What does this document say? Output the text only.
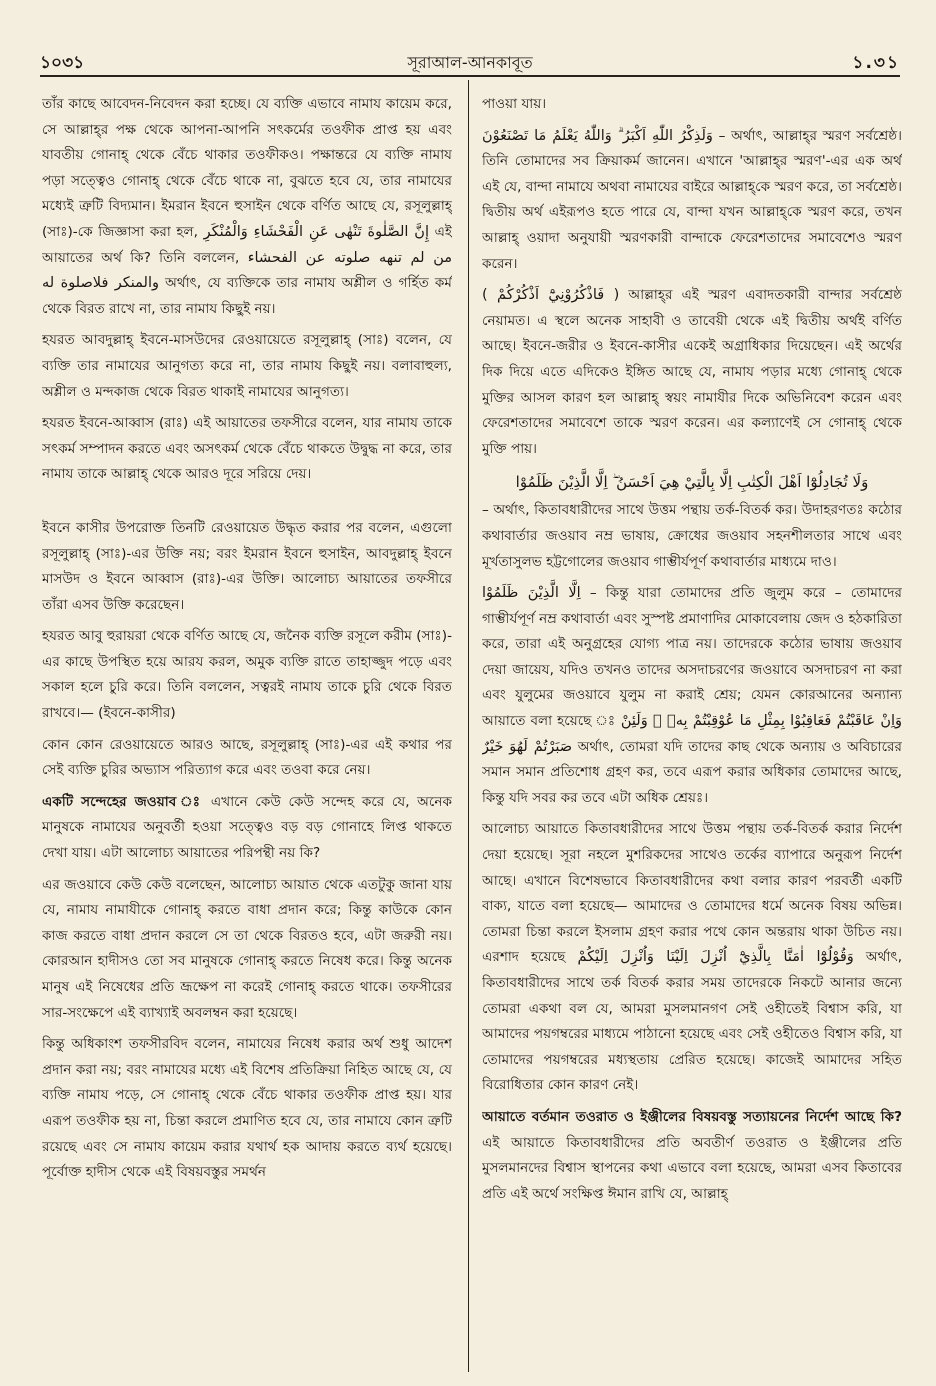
১০৩১	সূরাআল-আনকাবূত	১.৩১

তাঁর কাছে আবেদন-নিবেদন করা হচ্ছে। যে ব্যক্তি এভাবে নামায কায়েম করে, সে আল্লাহ্‌র পক্ষ থেকে আপনা-আপনি সৎকর্মের তওফীক প্রাপ্ত হয় এবং যাবতীয় গোনাহ্ থেকে বেঁচে থাকার তওফীকও। পক্ষান্তরে যে ব্যক্তি নামায পড়া সত্ত্বেও গোনাহ্ থেকে বেঁচে থাকে না, বুঝতে হবে যে, তার নামাযের মধ্যেই ত্রুটি বিদ্যমান। ইমরান ইবনে হুসাইন থেকে বর্ণিত আছে যে, রসূলুল্লাহ্ (সাঃ)-কে জিজ্ঞাসা করা হল, إِنَّ الصَّلٰوةَ تَنْهٰى عَنِ الْفَحْشَاءِ وَالْمُنْكَرِ এই আয়াতের অর্থ কি? তিনি বললেন, من لم تنهه صلوته عن الفحشاء والمنكر فلاصلوة له অর্থাৎ, যে ব্যক্তিকে তার নামায অশ্লীল ও গর্হিত কর্ম থেকে বিরত রাখে না, তার নামায কিছুই নয়।

হযরত আবদুল্লাহ্ ইবনে-মাসউদের রেওয়ায়েতে রসূলুল্লাহ্ (সাঃ) বলেন, যে ব্যক্তি তার নামাযের আনুগত্য করে না, তার নামায কিছুই নয়। বলাবাহুল্য, অশ্লীল ও মন্দকাজ থেকে বিরত থাকাই নামাযের আনুগত্য।

হযরত ইবনে-আব্বাস (রাঃ) এই আয়াতের তফসীরে বলেন, যার নামায তাকে সৎকর্ম সম্পাদন করতে এবং অসৎকর্ম থেকে বেঁচে থাকতে উদ্বুদ্ধ না করে, তার নামায তাকে আল্লাহ্ থেকে আরও দূরে সরিয়ে দেয়।

ইবনে কাসীর উপরোক্ত তিনটি রেওয়ায়েত উদ্ধৃত করার পর বলেন, এগুলো রসূলুল্লাহ্ (সাঃ)-এর উক্তি নয়; বরং ইমরান ইবনে হুসাইন, আবদুল্লাহ্ ইবনে মাসউদ ও ইবনে আব্বাস (রাঃ)-এর উক্তি। আলোচ্য আয়াতের তফসীরে তাঁরা এসব উক্তি করেছেন।

হযরত আবু হুরায়রা থেকে বর্ণিত আছে যে, জনৈক ব্যক্তি রসূলে করীম (সাঃ)-এর কাছে উপস্থিত হয়ে আরয করল, অমুক ব্যক্তি রাতে তাহাজ্জুদ পড়ে এবং সকাল হলে চুরি করে। তিনি বললেন, সত্বরই নামায তাকে চুরি থেকে বিরত রাখবে।— (ইবনে-কাসীর)

কোন কোন রেওয়ায়েতে আরও আছে, রসূলুল্লাহ্ (সাঃ)-এর এই কথার পর সেই ব্যক্তি চুরির অভ্যাস পরিত্যাগ করে এবং তওবা করে নেয়।

একটি সন্দেহের জওয়াব ঃ এখানে কেউ কেউ সন্দেহ করে যে, অনেক মানুষকে নামাযের অনুবর্তী হওয়া সত্ত্বেও বড় বড় গোনাহে লিপ্ত থাকতে দেখা যায়। এটা আলোচ্য আয়াতের পরিপন্থী নয় কি?

এর জওয়াবে কেউ কেউ বলেছেন, আলোচ্য আয়াত থেকে এতটুকু জানা যায় যে, নামায নামাযীকে গোনাহ্ করতে বাধা প্রদান করে; কিন্তু কাউকে কোন কাজ করতে বাধা প্রদান করলে সে তা থেকে বিরতও হবে, এটা জরুরী নয়। কোরআন হাদীসও তো সব মানুষকে গোনাহ্ করতে নিষেধ করে। কিন্তু অনেক মানুষ এই নিষেধের প্রতি ভ্রূক্ষেপ না করেই গোনাহ্ করতে থাকে। তফসীরের সার-সংক্ষেপে এই ব্যাখ্যাই অবলম্বন করা হয়েছে।

কিন্তু অধিকাংশ তফসীরবিদ বলেন, নামাযের নিষেধ করার অর্থ শুধু আদেশ প্রদান করা নয়; বরং নামাযের মধ্যে এই বিশেষ প্রতিক্রিয়া নিহিত আছে যে, যে ব্যক্তি নামায পড়ে, সে গোনাহ্ থেকে বেঁচে থাকার তওফীক প্রাপ্ত হয়। যার এরূপ তওফীক হয় না, চিন্তা করলে প্রমাণিত হবে যে, তার নামাযে কোন ত্রুটি রয়েছে এবং সে নামায কায়েম করার যথার্থ হক আদায় করতে ব্যর্থ হয়েছে। পূর্বোক্ত হাদীস থেকে এই বিষয়বস্তুর সমর্থন

পাওয়া যায়।

وَلَذِكْرُ اللّٰهِ اَكْبَرُ ۗ وَاللّٰهُ يَعْلَمُ مَا تَصْنَعُوْنَ – অর্থাৎ, আল্লাহ্‌র স্মরণ সর্বশ্রেষ্ঠ। তিনি তোমাদের সব ক্রিয়াকর্ম জানেন। এখানে 'আল্লাহ্‌র স্মরণ'-এর এক অর্থ এই যে, বান্দা নামাযে অথবা নামাযের বাইরে আল্লাহ্‌কে স্মরণ করে, তা সর্বশ্রেষ্ঠ। দ্বিতীয় অর্থ এইরূপও হতে পারে যে, বান্দা যখন আল্লাহ্‌কে স্মরণ করে, তখন আল্লাহ্ ওয়াদা অনুযায়ী স্মরণকারী বান্দাকে ফেরেশতাদের সমাবেশেও স্মরণ করেন।

( فَاذْكُرُوْنِيْٓ اَذْكُرْكُمْ ) আল্লাহ্‌র এই স্মরণ এবাদতকারী বান্দার সর্বশ্রেষ্ঠ নেয়ামত। এ স্থলে অনেক সাহাবী ও তাবেয়ী থেকে এই দ্বিতীয় অর্থই বর্ণিত আছে। ইবনে-জরীর ও ইবনে-কাসীর একেই অগ্রাধিকার দিয়েছেন। এই অর্থের দিক দিয়ে এতে এদিকেও ইঙ্গিত আছে যে, নামায পড়ার মধ্যে গোনাহ্ থেকে মুক্তির আসল কারণ হল আল্লাহ্ স্বয়ং নামাযীর দিকে অভিনিবেশ করেন এবং ফেরেশতাদের সমাবেশে তাকে স্মরণ করেন। এর কল্যাণেই সে গোনাহ্ থেকে মুক্তি পায়।

وَلَا تُجَادِلُوْٓا اَهْلَ الْكِتٰبِ اِلَّا بِالَّتِيْ هِيَ اَحْسَنُ ۖ اِلَّا الَّذِيْنَ ظَلَمُوْا

– অর্থাৎ, কিতাবধারীদের সাথে উত্তম পন্থায় তর্ক-বিতর্ক কর। উদাহরণতঃ কঠোর কথাবার্তার জওয়াব নম্র ভাষায়, ক্রোধের জওয়াব সহনশীলতার সাথে এবং মূর্খতাসুলভ হট্টগোলের জওয়াব গাম্ভীর্যপূর্ণ কথাবার্তার মাধ্যমে দাও।

اِلَّا الَّذِيْنَ ظَلَمُوْا – কিন্তু যারা তোমাদের প্রতি জুলুম করে – তোমাদের গাম্ভীর্যপূর্ণ নম্র কথাবার্তা এবং সুস্পষ্ট প্রমাণাদির মোকাবেলায় জেদ ও হঠকারিতা করে, তারা এই অনুগ্রহের যোগ্য পাত্র নয়। তাদেরকে কঠোর ভাষায় জওয়াব দেয়া জায়েয, যদিও তখনও তাদের অসদাচরণের জওয়াবে অসদাচরণ না করা এবং যুলুমের জওয়াবে যুলুম না করাই শ্রেয়; যেমন কোরআনের অন্যান্য আয়াতে বলা হয়েছে ঃ وَاِنْ عَاقَبْتُمْ فَعَاقِبُوْا بِمِثْلِ مَا عُوْقِبْتُمْ بِهٖ ۖ وَلَئِنْ صَبَرْتُمْ لَهُوَ خَيْرٌ অর্থাৎ, তোমরা যদি তাদের কাছ থেকে অন্যায় ও অবিচারের সমান সমান প্রতিশোধ গ্রহণ কর, তবে এরূপ করার অধিকার তোমাদের আছে, কিন্তু যদি সবর কর তবে এটা অধিক শ্রেয়ঃ।

আলোচ্য আয়াতে কিতাবধারীদের সাথে উত্তম পন্থায় তর্ক-বিতর্ক করার নির্দেশ দেয়া হয়েছে। সূরা নহলে মুশরিকদের সাথেও তর্কের ব্যাপারে অনুরূপ নির্দেশ আছে। এখানে বিশেষভাবে কিতাবধারীদের কথা বলার কারণ পরবর্তী একটি বাক্য, যাতে বলা হয়েছে— আমাদের ও তোমাদের ধর্মে অনেক বিষয় অভিন্ন। তোমরা চিন্তা করলে ইসলাম গ্রহণ করার পথে কোন অন্তরায় থাকা উচিত নয়। এরশাদ হয়েছে وَقُوْلُوْٓا اٰمَنَّا بِالَّذِيْٓ اُنْزِلَ اِلَيْنَا وَاُنْزِلَ اِلَيْكُمْ অর্থাৎ, কিতাবধারীদের সাথে তর্ক বিতর্ক করার সময় তাদেরকে নিকটে আনার জন্যে তোমরা একথা বল যে, আমরা মুসলমানগণ সেই ওহীতেই বিশ্বাস করি, যা আমাদের পয়গম্বরের মাধ্যমে পাঠানো হয়েছে এবং সেই ওহীতেও বিশ্বাস করি, যা তোমাদের পয়গম্বরের মধ্যস্থতায় প্রেরিত হয়েছে। কাজেই আমাদের সহিত বিরোধিতার কোন কারণ নেই।

আয়াতে বর্তমান তওরাত ও ইঞ্জীলের বিষয়বস্তু সত্যায়নের নির্দেশ আছে কি? এই আয়াতে কিতাবধারীদের প্রতি অবতীর্ণ তওরাত ও ইঞ্জীলের প্রতি মুসলমানদের বিশ্বাস স্থাপনের কথা এভাবে বলা হয়েছে, আমরা এসব কিতাবের প্রতি এই অর্থে সংক্ষিপ্ত ঈমান রাখি যে, আল্লাহ্
